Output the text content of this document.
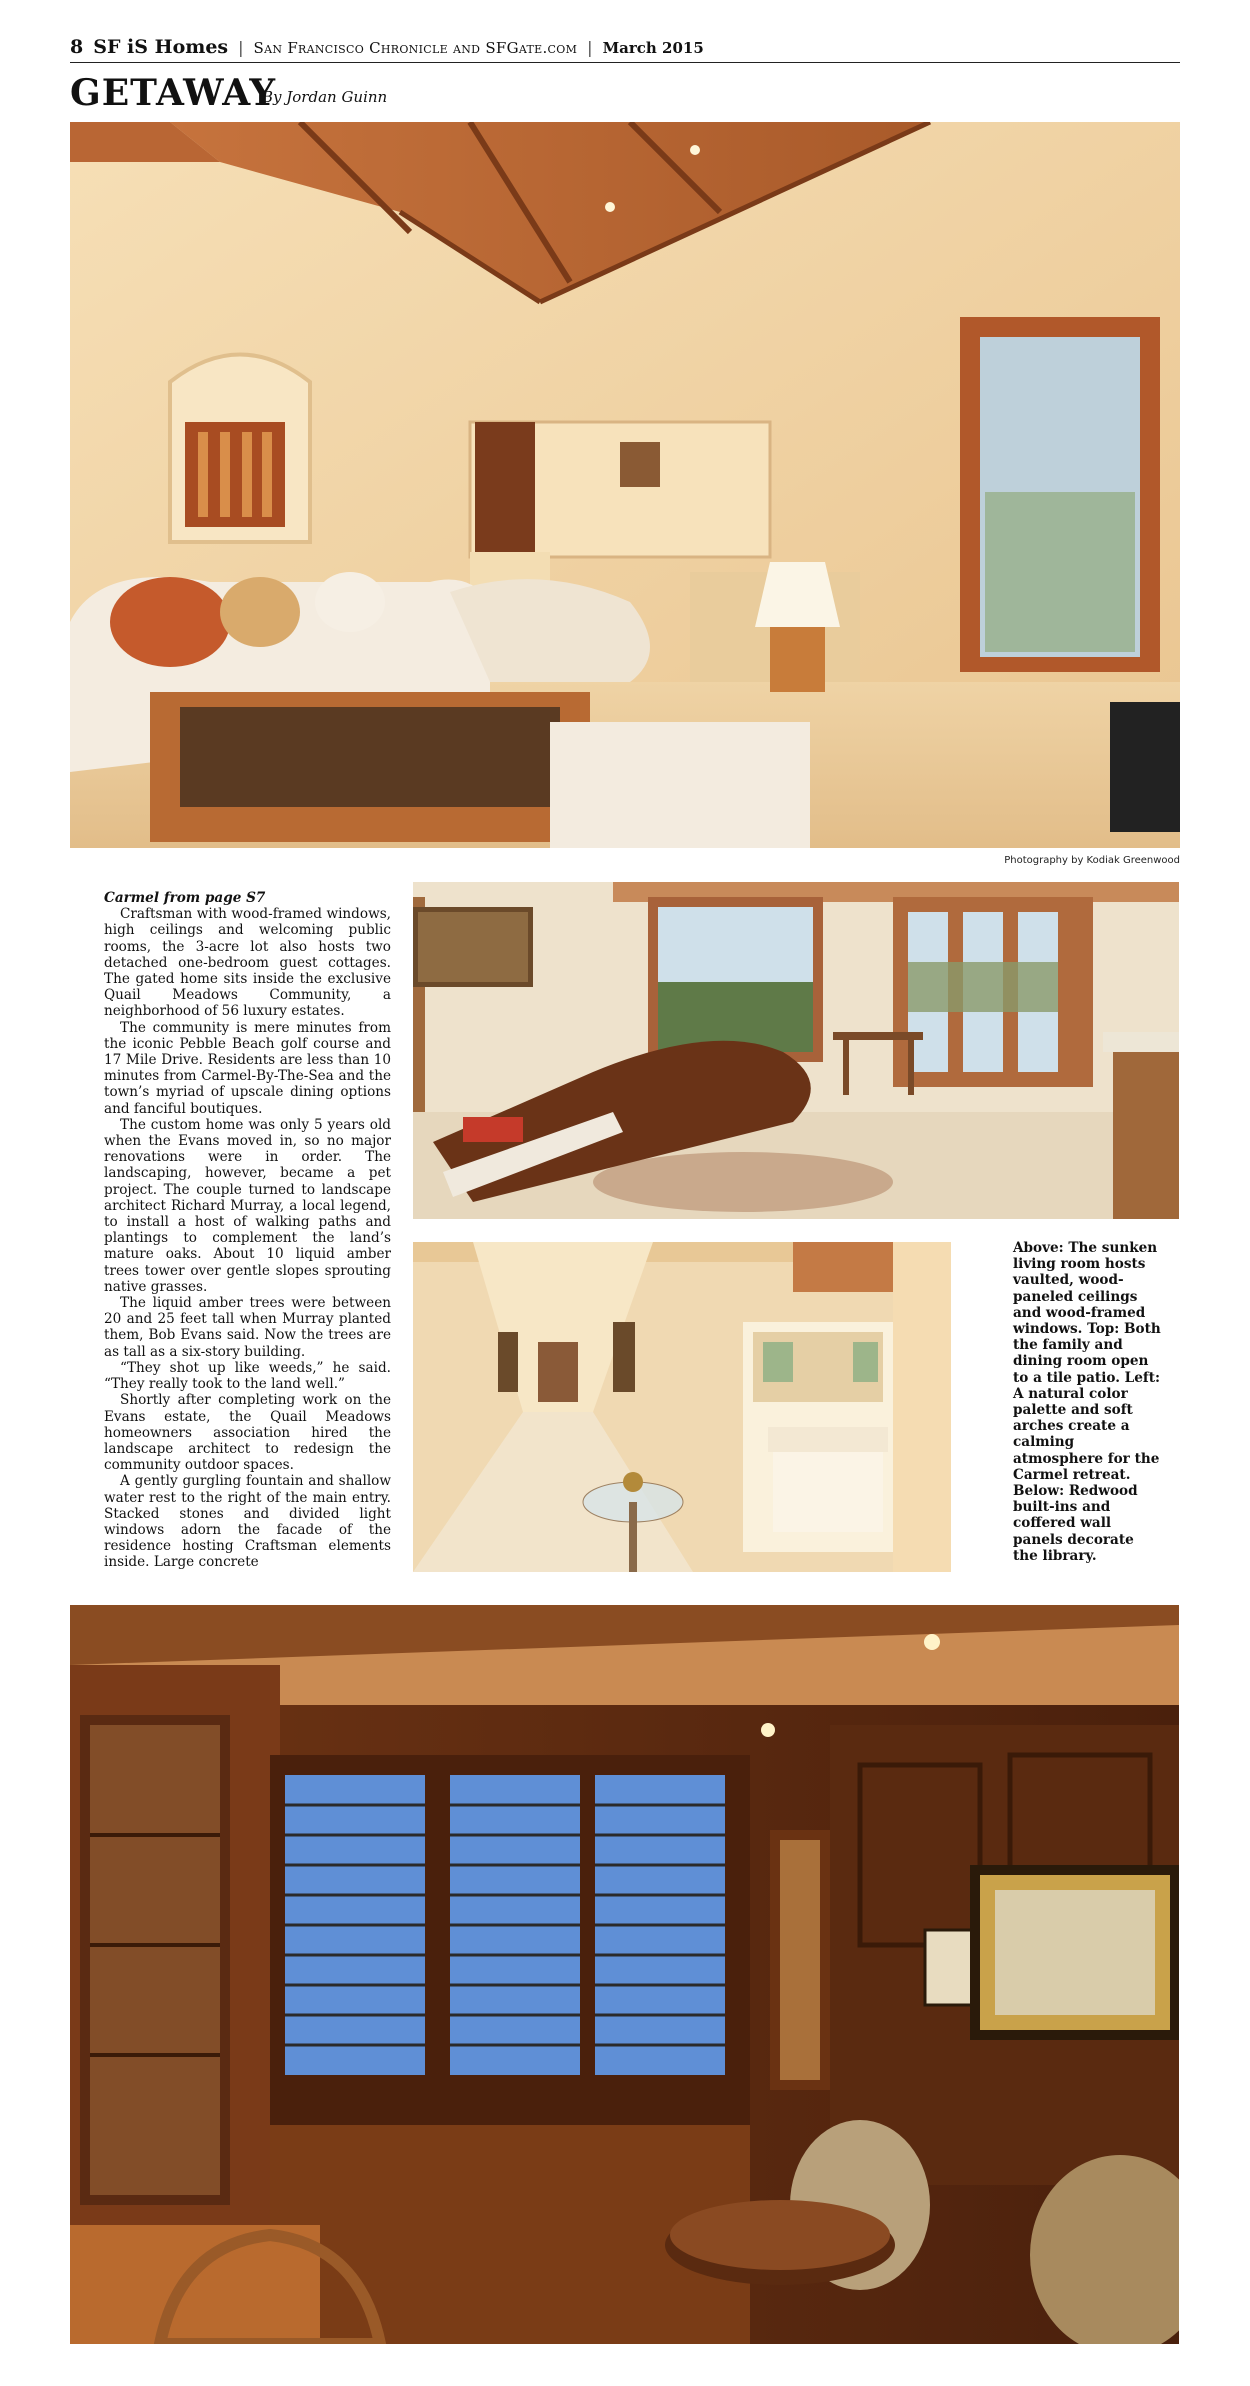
8 SF iS Homes | San Francisco Chronicle and SFGate.com | March 2015
GETAWAY
By Jordan Guinn
Photography by Kodiak Greenwood

Carmel from page S7

Craftsman with wood-framed windows, high ceilings and welcoming public rooms, the 3-acre lot also hosts two detached one-bedroom guest cottages. The gated home sits inside the exclusive Quail Meadows Community, a neighborhood of 56 luxury estates.

The community is mere minutes from the iconic Pebble Beach golf course and 17 Mile Drive. Residents are less than 10 minutes from Carmel-By-The-Sea and the town’s myriad of upscale dining options and fanciful boutiques.

The custom home was only 5 years old when the Evans moved in, so no major renovations were in order. The landscaping, however, became a pet project. The couple turned to landscape architect Richard Murray, a local legend, to install a host of walking paths and plantings to complement the land’s mature oaks. About 10 liquid amber trees tower over gentle slopes sprouting native grasses.

The liquid amber trees were between 20 and 25 feet tall when Murray planted them, Bob Evans said. Now the trees are as tall as a six-story building.

“They shot up like weeds,” he said. “They really took to the land well.”

Shortly after completing work on the Evans estate, the Quail Meadows homeowners association hired the landscape architect to redesign the community outdoor spaces.

A gently gurgling fountain and shallow water rest to the right of the main entry. Stacked stones and divided light windows adorn the facade of the residence hosting Craftsman elements inside. Large concrete

Above: The sunken living room hosts vaulted, wood-paneled ceilings and wood-framed windows. Top: Both the family and dining room open to a tile patio. Left: A natural color palette and soft arches create a calming atmosphere for the Carmel retreat. Below: Redwood built-ins and coffered wall panels decorate the library.
